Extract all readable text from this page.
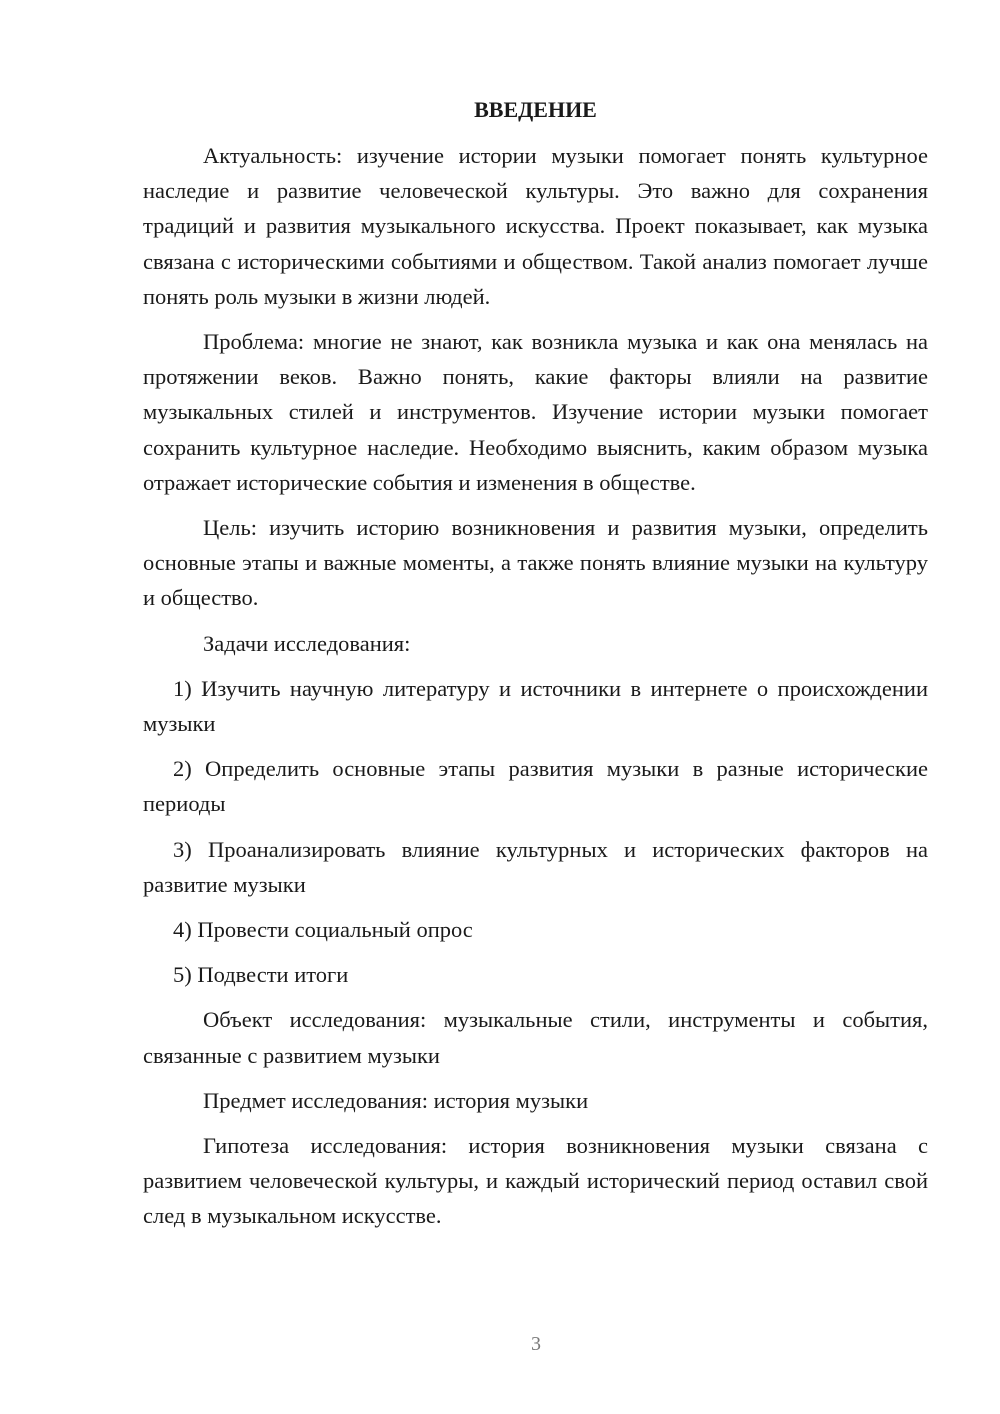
ВВЕДЕНИЕ

Актуальность: изучение истории музыки помогает понять культурное наследие и развитие человеческой культуры. Это важно для сохранения традиций и развития музыкального искусства. Проект показывает, как музыка связана с историческими событиями и обществом. Такой анализ помогает лучше понять роль музыки в жизни людей.

Проблема: многие не знают, как возникла музыка и как она менялась на протяжении веков. Важно понять, какие факторы влияли на развитие музыкальных стилей и инструментов. Изучение истории музыки помогает сохранить культурное наследие. Необходимо выяснить, каким образом музыка отражает исторические события и изменения в обществе.

Цель: изучить историю возникновения и развития музыки, определить основные этапы и важные моменты, а также понять влияние музыки на культуру и общество.

Задачи исследования:

1) Изучить научную литературу и источники в интернете о происхождении музыки

2) Определить основные этапы развития музыки в разные исторические периоды

3) Проанализировать влияние культурных и исторических факторов на развитие музыки

4) Провести социальный опрос

5) Подвести итоги

Объект исследования: музыкальные стили, инструменты и события, связанные с развитием музыки

Предмет исследования: история музыки

Гипотеза исследования: история возникновения музыки связана с развитием человеческой культуры, и каждый исторический период оставил свой след в музыкальном искусстве.

3
